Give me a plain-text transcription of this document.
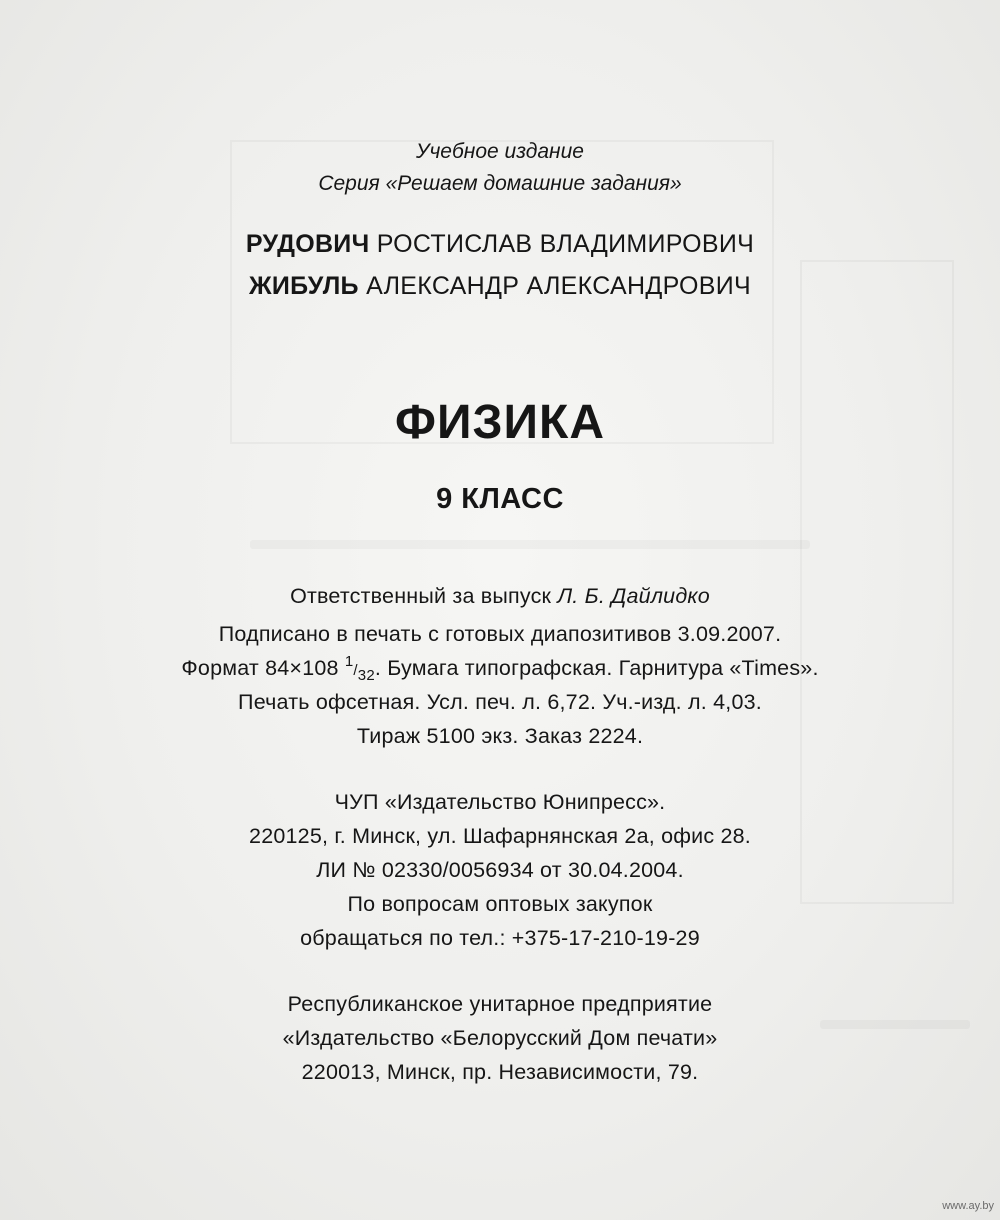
Учебное издание
Серия «Решаем домашние задания»
РУДОВИЧ РОСТИСЛАВ ВЛАДИМИРОВИЧ
ЖИБУЛЬ АЛЕКСАНДР АЛЕКСАНДРОВИЧ
ФИЗИКА
9 КЛАСС
Ответственный за выпуск Л. Б. Дайлидко
Подписано в печать с готовых диапозитивов 3.09.2007.
Формат 84×108 1/32. Бумага типографская. Гарнитура «Times».
Печать офсетная. Усл. печ. л. 6,72. Уч.-изд. л. 4,03.
Тираж 5100 экз. Заказ 2224.
ЧУП «Издательство Юнипресс».
220125, г. Минск, ул. Шафарнянская 2а, офис 28.
ЛИ № 02330/0056934 от 30.04.2004.
По вопросам оптовых закупок
обращаться по тел.: +375-17-210-19-29
Республиканское унитарное предприятие
«Издательство «Белорусский Дом печати»
220013, Минск, пр. Независимости, 79.
www.ay.by
